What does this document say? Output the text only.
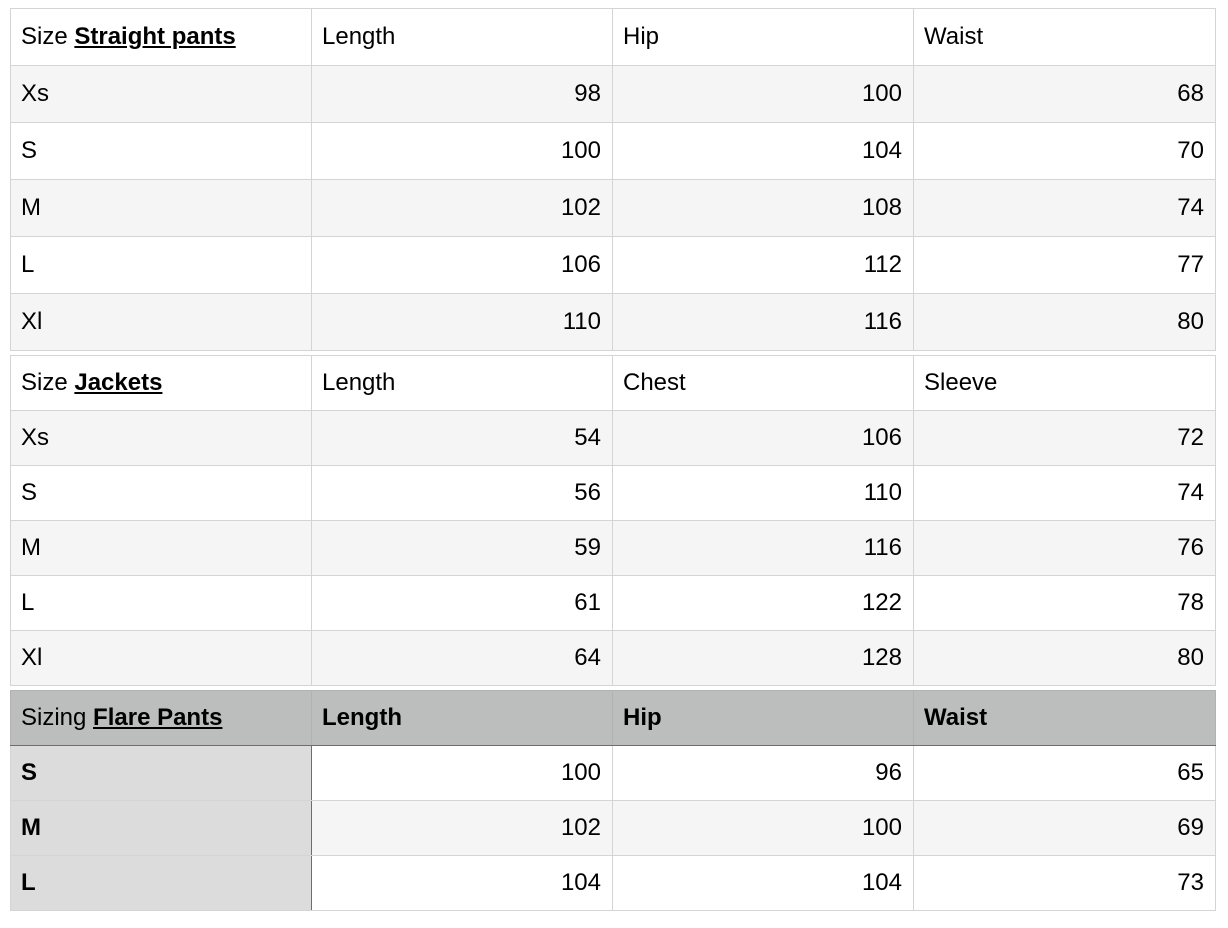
Size Straight pants	Length	Hip	Waist
Xs	98	100	68
S	100	104	70
M	102	108	74
L	106	112	77
Xl	110	116	80
Size Jackets	Length	Chest	Sleeve
Xs	54	106	72
S	56	110	74
M	59	116	76
L	61	122	78
Xl	64	128	80
Sizing Flare Pants	Length	Hip	Waist
S	100	96	65
M	102	100	69
L	104	104	73
